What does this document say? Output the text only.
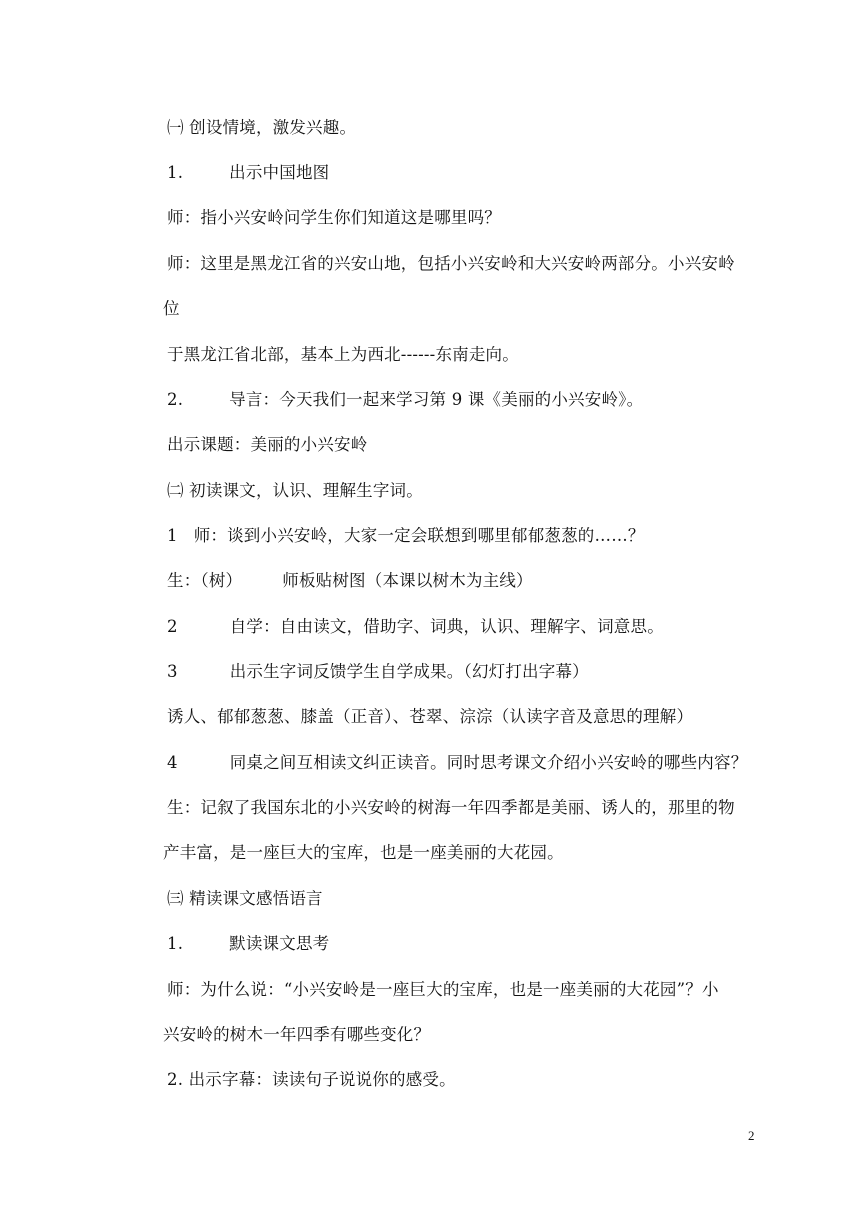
㈠ 创设情境，激发兴趣。
1.	出示中国地图
师：指小兴安岭问学生你们知道这是哪里吗？
师：这里是黑龙江省的兴安山地，包括小兴安岭和大兴安岭两部分。小兴安岭
位
于黑龙江省北部，基本上为西北------东南走向。
2.	导言：今天我们一起来学习第 9 课《美丽的小兴安岭》。
出示课题：美丽的小兴安岭
㈡ 初读课文，认识、理解生字词。
1 师：谈到小兴安岭，大家一定会联想到哪里郁郁葱葱的……？
生：（树） 师板贴树图（本课以树木为主线）
2	自学：自由读文，借助字、词典，认识、理解字、词意思。
3	出示生字词反馈学生自学成果。（幻灯打出字幕）
诱人、郁郁葱葱、膝盖（正音）、苍翠、淙淙（认读字音及意思的理解）
4	同桌之间互相读文纠正读音。同时思考课文介绍小兴安岭的哪些内容？
生：记叙了我国东北的小兴安岭的树海一年四季都是美丽、诱人的，那里的物
产丰富，是一座巨大的宝库，也是一座美丽的大花园。
㈢ 精读课文感悟语言
1.	默读课文思考
师：为什么说：“小兴安岭是一座巨大的宝库，也是一座美丽的大花园”？小
兴安岭的树木一年四季有哪些变化？
2. 出示字幕：读读句子说说你的感受。
2
